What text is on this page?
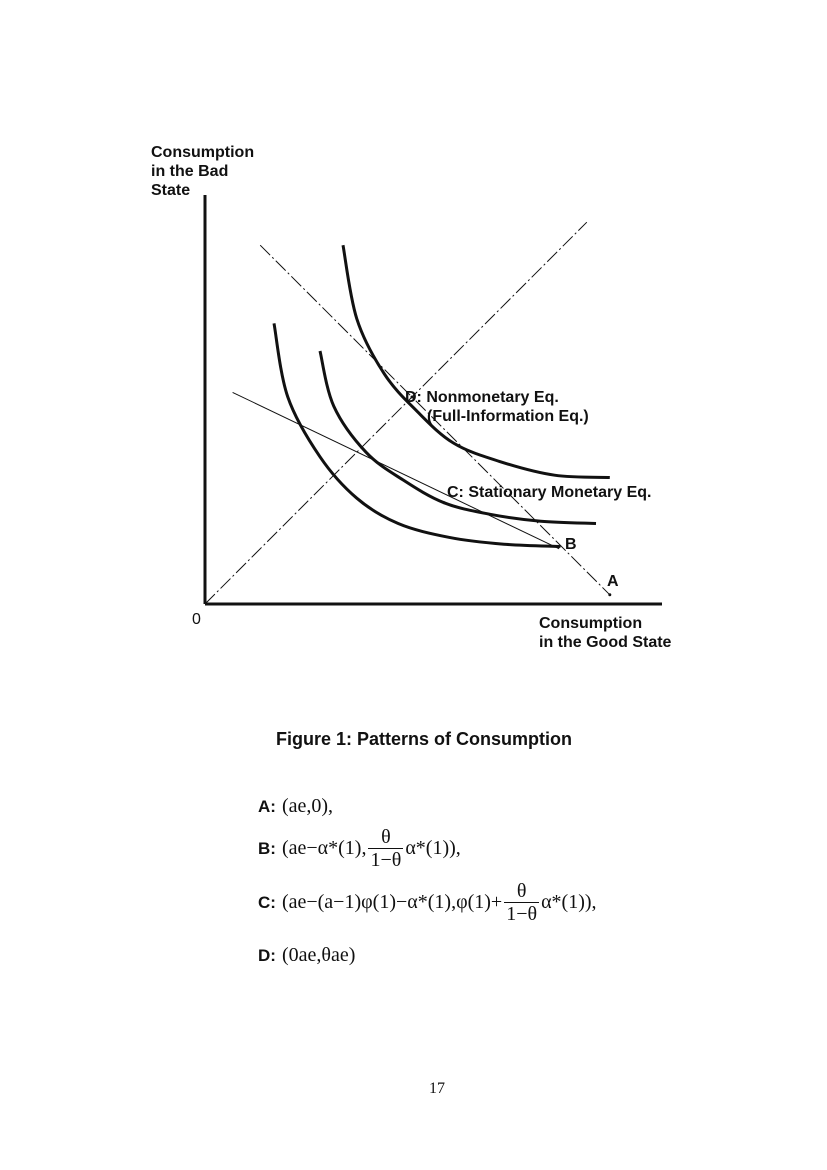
Consumption
in the Bad
State
Consumption
in the Good State
0
D: Nonmonetary Eq.
(Full-Information Eq.)
C: Stationary Monetary Eq.
B
A
Figure 1: Patterns of Consumption
A: (ae,0),
B: (ae−α*(1), $\frac{\theta}{1-\theta} \alpha*(1)$),
C: $(ae-(a-1)\varphi(1)-\alpha*(1),\varphi(1)+ \frac{\theta}{1-\theta} \alpha*(1))$,
D: (0ae,θae)
17
